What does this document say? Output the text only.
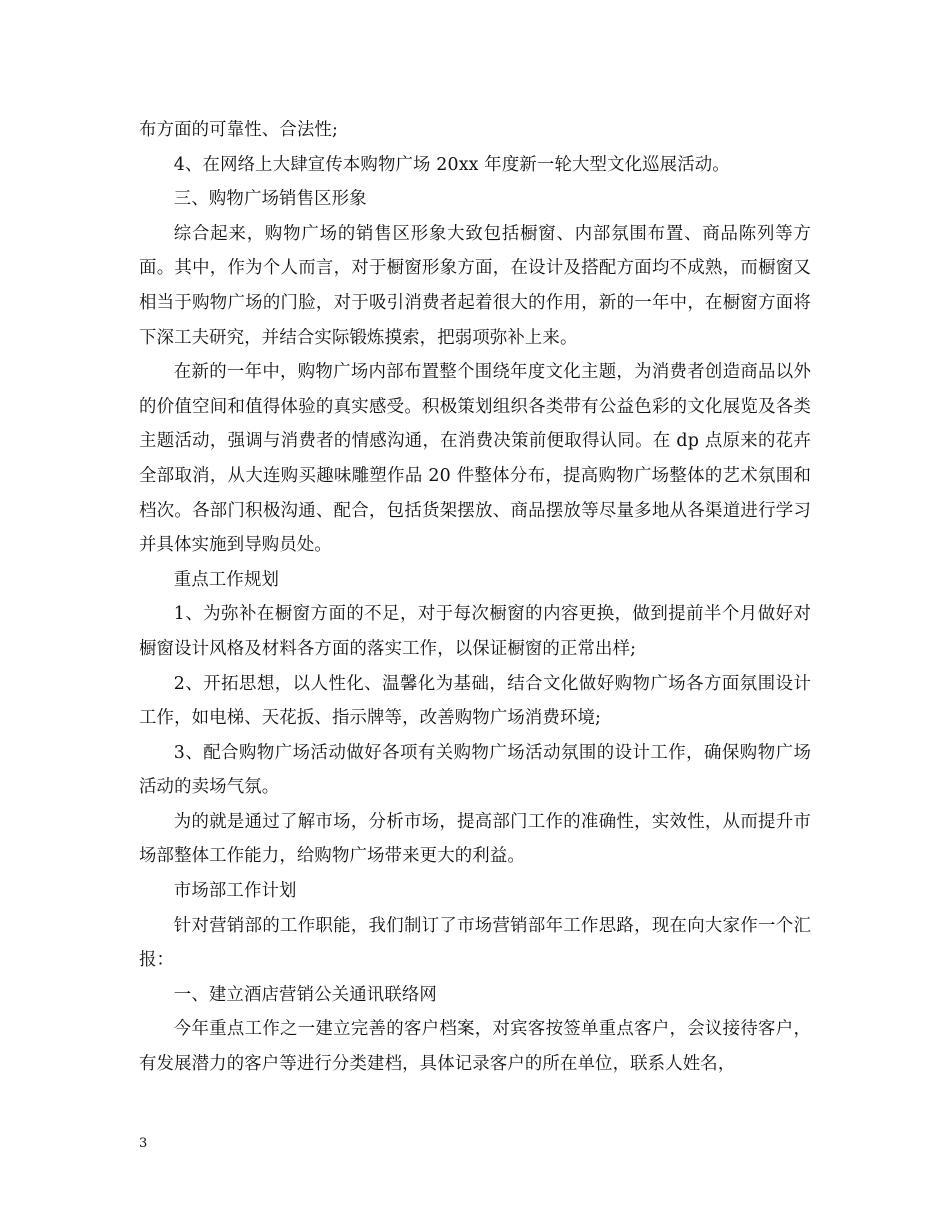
布方面的可靠性、合法性;

4、在网络上大肆宣传本购物广场 20xx 年度新一轮大型文化巡展活动。

三、购物广场销售区形象

综合起来，购物广场的销售区形象大致包括橱窗、内部氛围布置、商品陈列等方面。其中，作为个人而言，对于橱窗形象方面，在设计及搭配方面均不成熟，而橱窗又相当于购物广场的门脸，对于吸引消费者起着很大的作用，新的一年中，在橱窗方面将下深工夫研究，并结合实际锻炼摸索，把弱项弥补上来。

在新的一年中，购物广场内部布置整个围绕年度文化主题，为消费者创造商品以外的价值空间和值得体验的真实感受。积极策划组织各类带有公益色彩的文化展览及各类主题活动，强调与消费者的情感沟通，在消费决策前便取得认同。在 dp 点原来的花卉全部取消，从大连购买趣味雕塑作品 20 件整体分布，提高购物广场整体的艺术氛围和档次。各部门积极沟通、配合，包括货架摆放、商品摆放等尽量多地从各渠道进行学习并具体实施到导购员处。

重点工作规划

1、为弥补在橱窗方面的不足，对于每次橱窗的内容更换，做到提前半个月做好对橱窗设计风格及材料各方面的落实工作，以保证橱窗的正常出样;

2、开拓思想，以人性化、温馨化为基础，结合文化做好购物广场各方面氛围设计工作，如电梯、天花扳、指示牌等，改善购物广场消费环境;

3、配合购物广场活动做好各项有关购物广场活动氛围的设计工作，确保购物广场活动的卖场气氛。

为的就是通过了解市场，分析市场，提高部门工作的准确性，实效性，从而提升市场部整体工作能力，给购物广场带来更大的利益。

市场部工作计划

针对营销部的工作职能，我们制订了市场营销部年工作思路，现在向大家作一个汇报：

一、建立酒店营销公关通讯联络网

今年重点工作之一建立完善的客户档案，对宾客按签单重点客户，会议接待客户，有发展潜力的客户等进行分类建档，具体记录客户的所在单位，联系人姓名，

3
